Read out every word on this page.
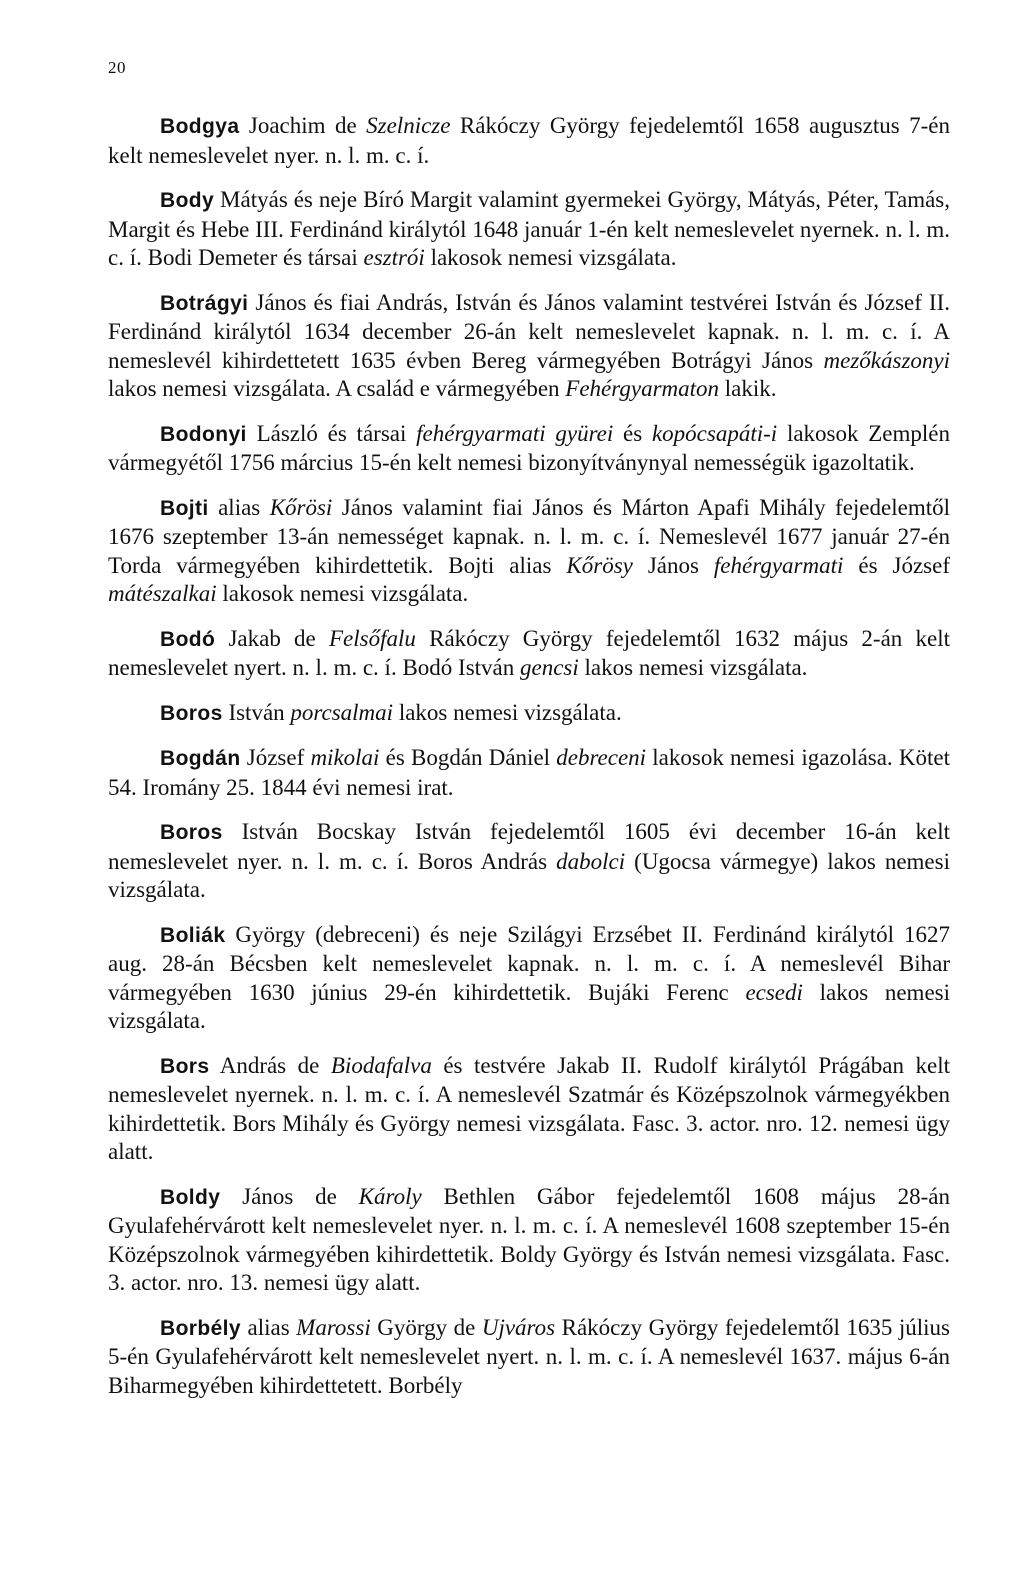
20

Bodgya Joachim de Szelnicze Rákóczy György fejedelemtől 1658 augusztus 7-én kelt nemeslevelet nyer. n. l. m. c. í.

Body Mátyás és neje Bíró Margit valamint gyermekei György, Mátyás, Péter, Tamás, Margit és Hebe III. Ferdinánd királytól 1648 január 1-én kelt nemeslevelet nyernek. n. l. m. c. í. Bodi Demeter és társai esztrói lakosok nemesi vizsgálata.

Botrágyi János és fiai András, István és János valamint testvérei István és József II. Ferdinánd királytól 1634 december 26-án kelt nemeslevelet kapnak. n. l. m. c. í. A nemeslevél kihirdettetett 1635 évben Bereg vármegyében Botrágyi János mezőkászonyi lakos nemesi vizsgálata. A család e vármegyében Fehérgyarmaton lakik.

Bodonyi László és társai fehérgyarmati gyürei és kopócsapáti-i lakosok Zemplén vármegyétől 1756 március 15-én kelt nemesi bizonyítványnyal nemességük igazoltatik.

Bojti alias Kőrösi János valamint fiai János és Márton Apafi Mihály fejedelemtől 1676 szeptember 13-án nemességet kapnak. n. l. m. c. í. Nemeslevél 1677 január 27-én Torda vármegyében kihirdettetik. Bojti alias Kőrösy János fehérgyarmati és József mátészalkai lakosok nemesi vizsgálata.

Bodó Jakab de Felsőfalu Rákóczy György fejedelemtől 1632 május 2-án kelt nemeslevelet nyert. n. l. m. c. í. Bodó István gencsi lakos nemesi vizsgálata.

Boros István porcsalmai lakos nemesi vizsgálata.

Bogdán József mikolai és Bogdán Dániel debreceni lakosok nemesi igazolása. Kötet 54. Iromány 25. 1844 évi nemesi irat.

Boros István Bocskay István fejedelemtől 1605 évi december 16-án kelt nemeslevelet nyer. n. l. m. c. í. Boros András dabolci (Ugocsa vármegye) lakos nemesi vizsgálata.

Boliák György (debreceni) és neje Szilágyi Erzsébet II. Ferdinánd királytól 1627 aug. 28-án Bécsben kelt nemeslevelet kapnak. n. l. m. c. í. A nemeslevél Bihar vármegyében 1630 június 29-én kihirdettetik. Bujáki Ferenc ecsedi lakos nemesi vizsgálata.

Bors András de Biodafalva és testvére Jakab II. Rudolf királytól Prágában kelt nemeslevelet nyernek. n. l. m. c. í. A nemeslevél Szatmár és Középszolnok vármegyékben kihirdettetik. Bors Mihály és György nemesi vizsgálata. Fasc. 3. actor. nro. 12. nemesi ügy alatt.

Boldy János de Károly Bethlen Gábor fejedelemtől 1608 május 28-án Gyulafehérvárott kelt nemeslevelet nyer. n. l. m. c. í. A nemeslevél 1608 szeptember 15-én Középszolnok vármegyében kihirdettetik. Boldy György és István nemesi vizsgálata. Fasc. 3. actor. nro. 13. nemesi ügy alatt.

Borbély alias Marossi György de Ujváros Rákóczy György fejedelemtől 1635 július 5-én Gyulafehérvárott kelt nemeslevelet nyert. n. l. m. c. í. A nemeslevél 1637. május 6-án Biharmegyében kihirdettetett. Borbély
